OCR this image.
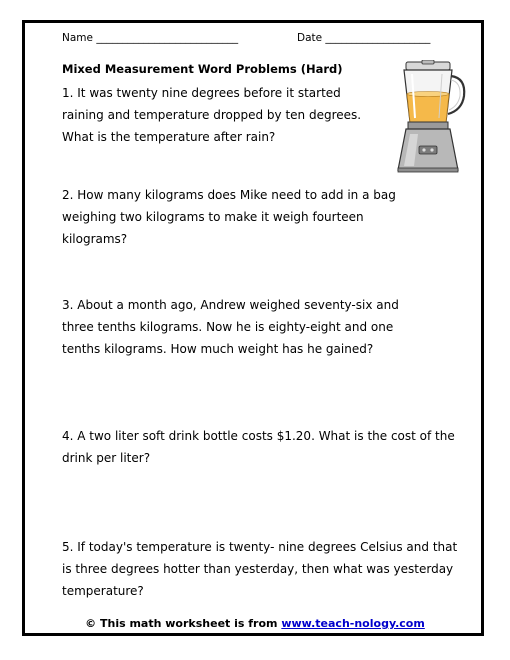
Name ___________________________	Date ____________________
Mixed Measurement Word Problems (Hard)

1. It was twenty nine degrees before it started raining and temperature dropped by ten degrees. What is the temperature after rain?

2. How many kilograms does Mike need to add in a bag weighing two kilograms to make it weigh fourteen kilograms?

3. About a month ago, Andrew weighed seventy-six and three tenths kilograms. Now he is eighty-eight and one tenths kilograms. How much weight has he gained?

4. A two liter soft drink bottle costs $1.20. What is the cost of the drink per liter?

5. If today's temperature is twenty- nine degrees Celsius and that is three degrees hotter than yesterday, then what was yesterday temperature?

© This math worksheet is from www.teach-nology.com
